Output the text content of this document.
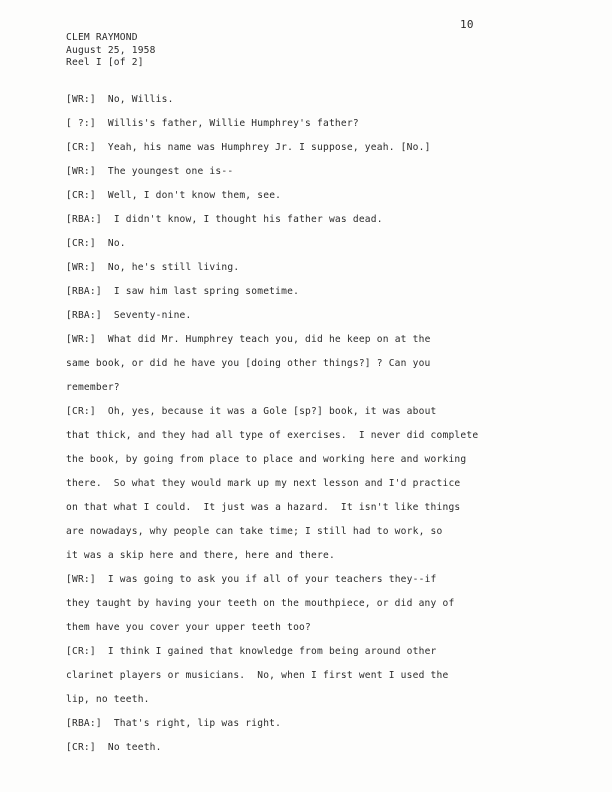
10
CLEM RAYMOND
August 25, 1958
Reel I [of 2]
[WR:] No, Willis.
[ ?:] Willis's father, Willie Humphrey's father?
[CR:] Yeah, his name was Humphrey Jr. I suppose, yeah. [No.]
[WR:] The youngest one is--
[CR:] Well, I don't know them, see.
[RBA:] I didn't know, I thought his father was dead.
[CR:] No.
[WR:] No, he's still living.
[RBA:] I saw him last spring sometime.
[RBA:] Seventy-nine.
[WR:] What did Mr. Humphrey teach you, did he keep on at the
same book, or did he have you [doing other things?] ? Can you
remember?
[CR:] Oh, yes, because it was a Gole [sp?] book, it was about
that thick, and they had all type of exercises.  I never did complete
the book, by going from place to place and working here and working
there.  So what they would mark up my next lesson and I'd practice
on that what I could.  It just was a hazard.  It isn't like things
are nowadays, why people can take time; I still had to work, so
it was a skip here and there, here and there.
[WR:] I was going to ask you if all of your teachers they--if
they taught by having your teeth on the mouthpiece, or did any of
them have you cover your upper teeth too?
[CR:] I think I gained that knowledge from being around other
clarinet players or musicians.  No, when I first went I used the
lip, no teeth.
[RBA:] That's right, lip was right.
[CR:] No teeth.
